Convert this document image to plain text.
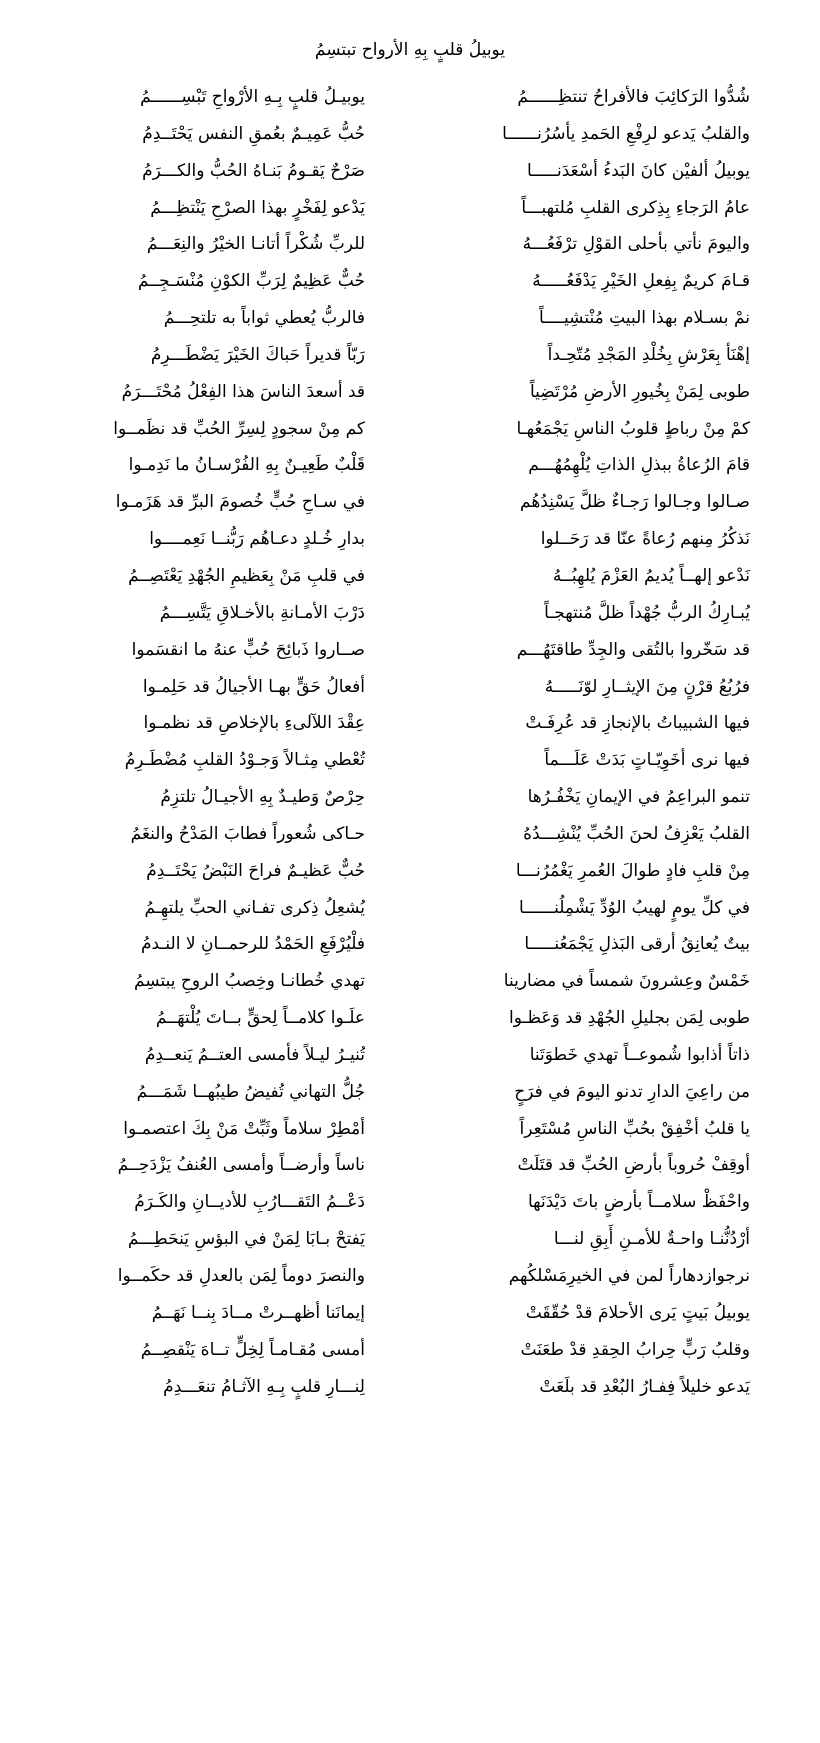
يوبيلُ قلبٍ بِهِ الأرواح تبتسِمُ
شُدُّوا الرَكائِبَ فالأفراحُ تنتظِــــــمُ
يوبيـلُ قلبٍ بِـهِ الأرْواحِ تَبْسِــــــمُ
والقلبُ يَدعو لرِفْعِ الحَمدِ يأسُرُنــــــا
حُبُّ عَمِيـمٌ بعُمقِ النفس يَحْتَــدِمُ
يوبيلُ ألفيْن كانَ البَدءُ أسْعَدَنـــــا
صَرْحٌ يَقـومُ بَنـاهُ الحُبُّ والكـــرَمُ
عامُ الرَجاءِ بِذِكرى القلبِ مُلتهبـــاً
يَدْعو لِفَخْرٍ بهذا الصرْحِ يَنْتظِـــمُ
واليومَ نأتي بأحلى القوْلِ ترْفَعُـــهُ
للربِّ شُكْراً أتانـا الخيْرُ والنِعَـــمُ
قـامَ كريمٌ بِفِعلِ الخَيْرِ يَدْفَعُـــــهُ
حُبٌّ عَظِيمٌ لِرَبِّ الكوْنِ مُنْسَـجِــمُ
نمْ بسـلام بهذا البيتِ مُنْتشِيــــاً
فالربُّ يُعطي ثواباً به تلتحِـــمُ
إهْنَأ بِعَرْشِ بِخُلْدِ المَجْدِ مُتّحِـداً
رَبّاً قديراً حَباكَ الخَيْرَ يَضْطَـــرِمُ
طوبى لِمَنْ بِخُيورِ الأرضِ مُرْتَضِياً
قد أسعدَ الناسَ هذا الفِعْلُ مُحْتَـــرَمُ
كمْ مِنْ رباطٍ قلوبُ الناسِ يَجْمَعُهـا
كم مِنْ سجودٍ لِسِرِّ الحُبِّ قد نظَمــوا
قامَ الرُعاةُ ببذلِ الذاتِ يُلْهِمُهُـــم
قَلْبٌ طَعِيـنٌ بِهِ الفُرْسـانُ ما نَدِمـوا
صـالوا وجـالوا رَجـاءٌ ظلَّ يَسْنِدُهُم
في سـاحِ حُبٍّ خُصومَ البرِّ قد هَزَمـوا
نَذكُرُ مِنهم رُعاةً عنّا قد رَحَــلوا
بدارِ خُـلدٍ دعـاهُم رَبُّنــا نَعِمــــوا
نَدْعو إلهــاً يُديمُ العَزْمَ يُلهِبُــهُ
في قلبِ مَنْ بِعَظيمِ الجُهْدِ يَعْتَصِــمُ
يُبـارِكُ الربُّ جُهْداً ظلَّ مُنتهجـاً
دَرْبَ الأمـانةِ بالأخـلاقِ يَتَّسِـــمُ
قد سَخّروا بالتُقى والجِدِّ طاقتَهُـــم
صــاروا ذَبائِحَ حُبٍّ عنهُ ما انقسَموا
فرُبُعُ قرْنٍ مِنَ الإيثــارِ لوّنَـــــهُ
أفعالُ حَقٍّ بهـا الأجيالُ قد حَلِمـوا
فيها الشبيباتُ بالإنجازِ قد عُرِفَـتْ
عِقْدَ اللآلىءِ بالإخلاصِ قد نظمـوا
فيها نرى أخَوِيّـاتٍ بَدَتْ عَلَـــماً
تُعْطي مِثـالاً وَجـوْدُ القلبِ مُضْطَـرِمُ
تنمو البراعِمُ في الإيمانِ يَخْفُـرُها
حِرْصٌ وَطيـدٌ بِهِ الأجيـالُ تلتزِمُ
القلبُ يَعْزِفُ لحنَ الحُبِّ يُنْشِـــدُهُ
حـاكى شُعوراً فطابَ المَدْحُ والنغَمُ
مِنْ قلبِ فادٍ طوالَ العُمرِ يَغْمُرُنـــا
حُبٌّ عَظيـمٌ فراحَ النَبْضُ يَحْتَــدِمُ
في كلِّ يومٍ لهيبُ الوُدِّ يَشْمِلُنــــــا
يُشعِلُ ذِكرى تفـاني الحبِّ يلتهِـمُ
بيتٌ يُعانِقُ أرقى البَذلِ يَجْمَعُنـــــا
فلْيُرْفَعِ الحَمْدُ للرحمــانِ لا النـدمُ
خَمْسٌ وعِشرونَ شمساً في مضارينا
تهدي خُطانـا وخِصبُ الروحِ يبتسِمُ
طوبى لِمَن بجليلِ الجُهْدِ قد وَعَظـوا
علَـوا كلامــاً لِحقٍّ بــاتَ يُلْتهَــمُ
ذاتاً أذابوا شُموعــاً تهدي خَطوَتَنا
تُنيـرُ ليـلاً فأمسى العتــمُ يَنعــدِمُ
من راعِيَ الدارِ تدنو اليومَ في فرَحٍ
جُلُّ التهاني تُفيضُ طيبُهــا شَمَـــمُ
يا قلبُ أخْفِقْ بحُبِّ الناسِ مُسْتَعِراً
أمْطِرْ سلاماً وثَبِّتْ مَنْ بِكَ اعتصمـوا
أوقِفْ حُروباً بأرضِ الحُبِّ قد قتَلَتْ
ناساً وأرضــاً وأمسى العُنفُ يَزْدَحِــمُ
واحْفَظْ سلامــاً بأرضٍ باتَ دَيْدَنَها
دَعْــمُ التَقـــارُبِ للأديــانِ والكَـرَمُ
أرْدُنُّنـا واحـةٌ للأمـنِ أَبِقِ لنـــا
يَفتحْ بـابَا لِمَنْ في البؤسِ يَنحَطِـــمُ
نرجوازدهاراً لمن في الخيرِمَسْلكُهم
والنصرَ دوماً لِمَن بالعدلِ قد حكَمــوا
يوبيلُ بَيتٍ يَرى الأحلامَ قدْ حُقّقَتْ
إيمانَنا أظهــرتْ مــادَ بِنــا نَهَــمُ
وقلبُ رَبٍّ حِرابُ الحِقدِ قدْ طعَنَتْ
أمسى مُقـامـاً لِخِلٍّ تــاهَ يَنْقصِــمُ
يَدعو خليلاً فِفـارُ البُعْدِ قد بلَعَتْ
لِنـــارِ قلبٍ بِـهِ الآثـامُ تنعَـــدِمُ
